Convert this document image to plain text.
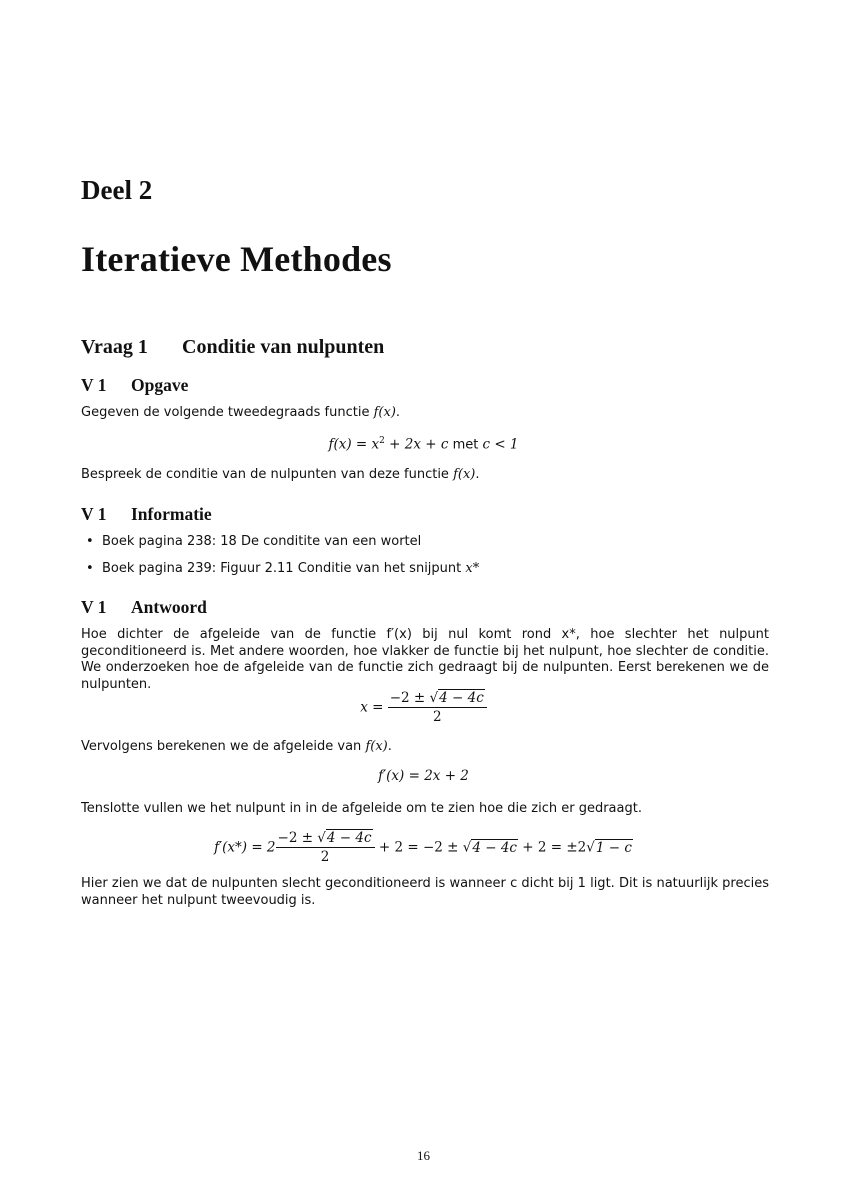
Deel 2
Iteratieve Methodes
Vraag 1 Conditie van nulpunten
V 1 Opgave
Gegeven de volgende tweedegraads functie f(x).
$f(x) = x^2 + 2x + c$ met c < 1
Bespreek de conditie van de nulpunten van deze functie f(x).
V 1 Informatie
• Boek pagina 238: 18 De conditite van een wortel
• Boek pagina 239: Figuur 2.11 Conditie van het snijpunt x*
V 1 Antwoord
Hoe dichter de afgeleide van de functie f′(x) bij nul komt rond x*, hoe slechter het nulpunt geconditioneerd is. Met andere woorden, hoe vlakker de functie bij het nulpunt, hoe slechter de conditie. We onderzoeken hoe de afgeleide van de functie zich gedraagt bij de nulpunten. Eerst berekenen we de nulpunten.
$x = \frac{-2 \pm √4 - 4c}{2}$
Vervolgens berekenen we de afgeleide van f(x).
f′(x) = 2x + 2
Tenslotte vullen we het nulpunt in in de afgeleide om te zien hoe die zich er gedraagt.
$f'(x*) = 2 \frac{-2 \pm √4 - 4c}{2} + 2 = -2 \pm √4 - 4c + 2 = \pm 2√1 - c$
Hier zien we dat de nulpunten slecht geconditioneerd is wanneer c dicht bij 1 ligt. Dit is natuurlijk precies wanneer het nulpunt tweevoudig is.
16
